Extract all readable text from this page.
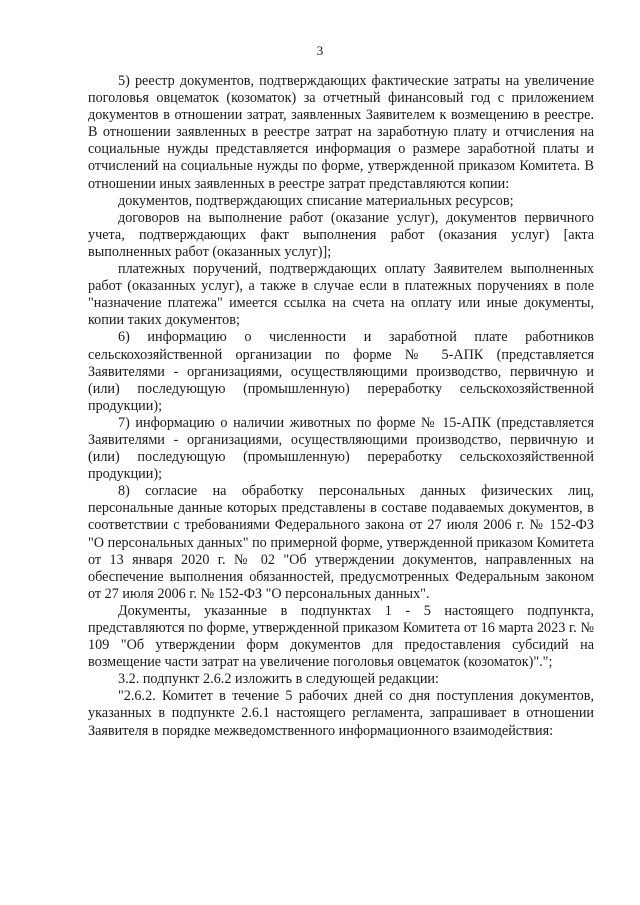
3

5) реестр документов, подтверждающих фактические затраты на увеличение поголовья овцематок (козоматок) за отчетный финансовый год с приложением документов в отношении затрат, заявленных Заявителем к возмещению в реестре. В отношении заявленных в реестре затрат на заработную плату и отчисления на социальные нужды представляется информация о размере заработной платы и отчислений на социальные нужды по форме, утвержденной приказом Комитета. В отношении иных заявленных в реестре затрат представляются копии:

документов, подтверждающих списание материальных ресурсов;

договоров на выполнение работ (оказание услуг), документов первичного учета, подтверждающих факт выполнения работ (оказания услуг) [акта выполненных работ (оказанных услуг)];

платежных поручений, подтверждающих оплату Заявителем выполненных работ (оказанных услуг), а также в случае если в платежных поручениях в поле "назначение платежа" имеется ссылка на счета на оплату или иные документы, копии таких документов;

6) информацию о численности и заработной плате работников сельскохозяйственной организации по форме № 5-АПК (представляется Заявителями - организациями, осуществляющими производство, первичную и (или) последующую (промышленную) переработку сельскохозяйственной продукции);

7) информацию о наличии животных по форме № 15-АПК (представляется Заявителями - организациями, осуществляющими производство, первичную и (или) последующую (промышленную) переработку сельскохозяйственной продукции);

8) согласие на обработку персональных данных физических лиц, персональные данные которых представлены в составе подаваемых документов, в соответствии с требованиями Федерального закона от 27 июля 2006 г. № 152-ФЗ "О персональных данных" по примерной форме, утвержденной приказом Комитета от 13 января 2020 г. № 02 "Об утверждении документов, направленных на обеспечение выполнения обязанностей, предусмотренных Федеральным законом от 27 июля 2006 г. № 152-ФЗ "О персональных данных".

Документы, указанные в подпунктах 1 - 5 настоящего подпункта, представляются по форме, утвержденной приказом Комитета от 16 марта 2023 г. № 109 "Об утверждении форм документов для предоставления субсидий на возмещение части затрат на увеличение поголовья овцематок (козоматок)".";

3.2. подпункт 2.6.2 изложить в следующей редакции:

"2.6.2. Комитет в течение 5 рабочих дней со дня поступления документов, указанных в подпункте 2.6.1 настоящего регламента, запрашивает в отношении Заявителя в порядке межведомственного информационного взаимодействия:
